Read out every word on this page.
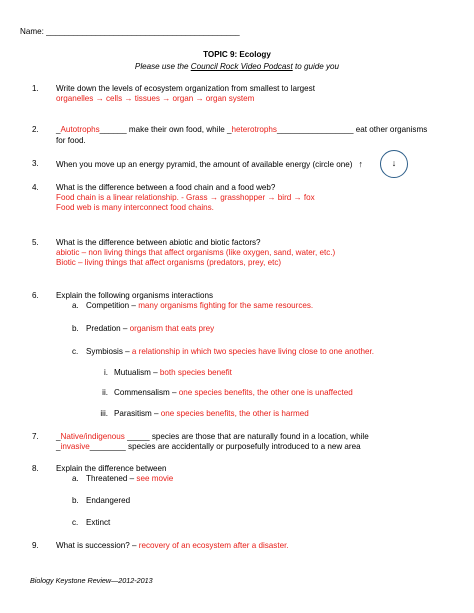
Name: ___________________________________________
TOPIC 9: Ecology
Please use the Council Rock Video Podcast to guide you
1. Write down the levels of ecosystem organization from smallest to largest
organelles → cells → tissues → organ → organ system
2. _Autotrophs______ make their own food, while _heterotrophs_________________ eat other organisms
for food.
3. When you move up an energy pyramid, the amount of available energy (circle one) ↑	↓
4. What is the difference between a food chain and a food web?
Food chain is a linear relationship. - Grass → grasshopper → bird → fox
Food web is many interconnect food chains.
5. What is the difference between abiotic and biotic factors?
abiotic – non living things that affect organisms (like oxygen, sand, water, etc.)
Biotic – living things that affect organisms (predators, prey, etc)
6. Explain the following organisms interactions
a. Competition – many organisms fighting for the same resources.
b. Predation – organism that eats prey
c. Symbiosis – a relationship in which two species have living close to one another.
i. Mutualism – both species benefit
ii. Commensalism – one species benefits, the other one is unaffected
iii. Parasitism – one species benefits, the other is harmed
7. _Native/indigenous _____ species are those that are naturally found in a location, while
_invasive________ species are accidentally or purposefully introduced to a new area
8. Explain the difference between
a. Threatened – see movie
b. Endangered
c. Extinct
9. What is succession? – recovery of an ecosystem after a disaster.
Biology Keystone Review—2012-2013
